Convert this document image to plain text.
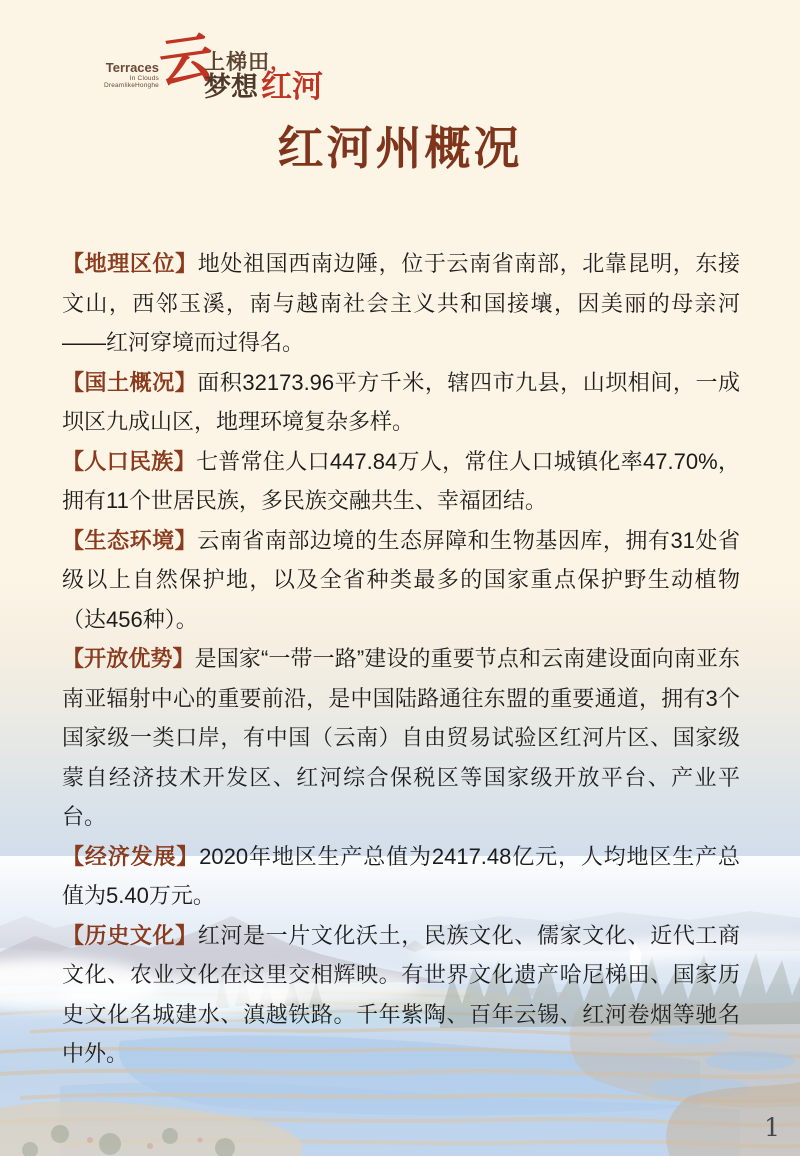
Terraces
In Clouds DreamlikeHonghe 云
上梯田，
梦想 红河
红河州概况

【地理区位】地处祖国西南边陲，位于云南省南部，北靠昆明，东接文山，西邻玉溪，南与越南社会主义共和国接壤，因美丽的母亲河——红河穿境而过得名。

【国土概况】面积32173.96平方千米，辖四市九县，山坝相间，一成坝区九成山区，地理环境复杂多样。

【人口民族】七普常住人口447.84万人，常住人口城镇化率47.70%，拥有11个世居民族，多民族交融共生、幸福团结。

【生态环境】云南省南部边境的生态屏障和生物基因库，拥有31处省级以上自然保护地，以及全省种类最多的国家重点保护野生动植物（达456种）。

【开放优势】是国家“一带一路”建设的重要节点和云南建设面向南亚东南亚辐射中心的重要前沿，是中国陆路通往东盟的重要通道，拥有3个国家级一类口岸，有中国（云南）自由贸易试验区红河片区、国家级蒙自经济技术开发区、红河综合保税区等国家级开放平台、产业平台。

【经济发展】2020年地区生产总值为2417.48亿元，人均地区生产总值为5.40万元。

【历史文化】红河是一片文化沃土，民族文化、儒家文化、近代工商文化、农业文化在这里交相辉映。有世界文化遗产哈尼梯田、国家历史文化名城建水、滇越铁路。千年紫陶、百年云锡、红河卷烟等驰名中外。

1
